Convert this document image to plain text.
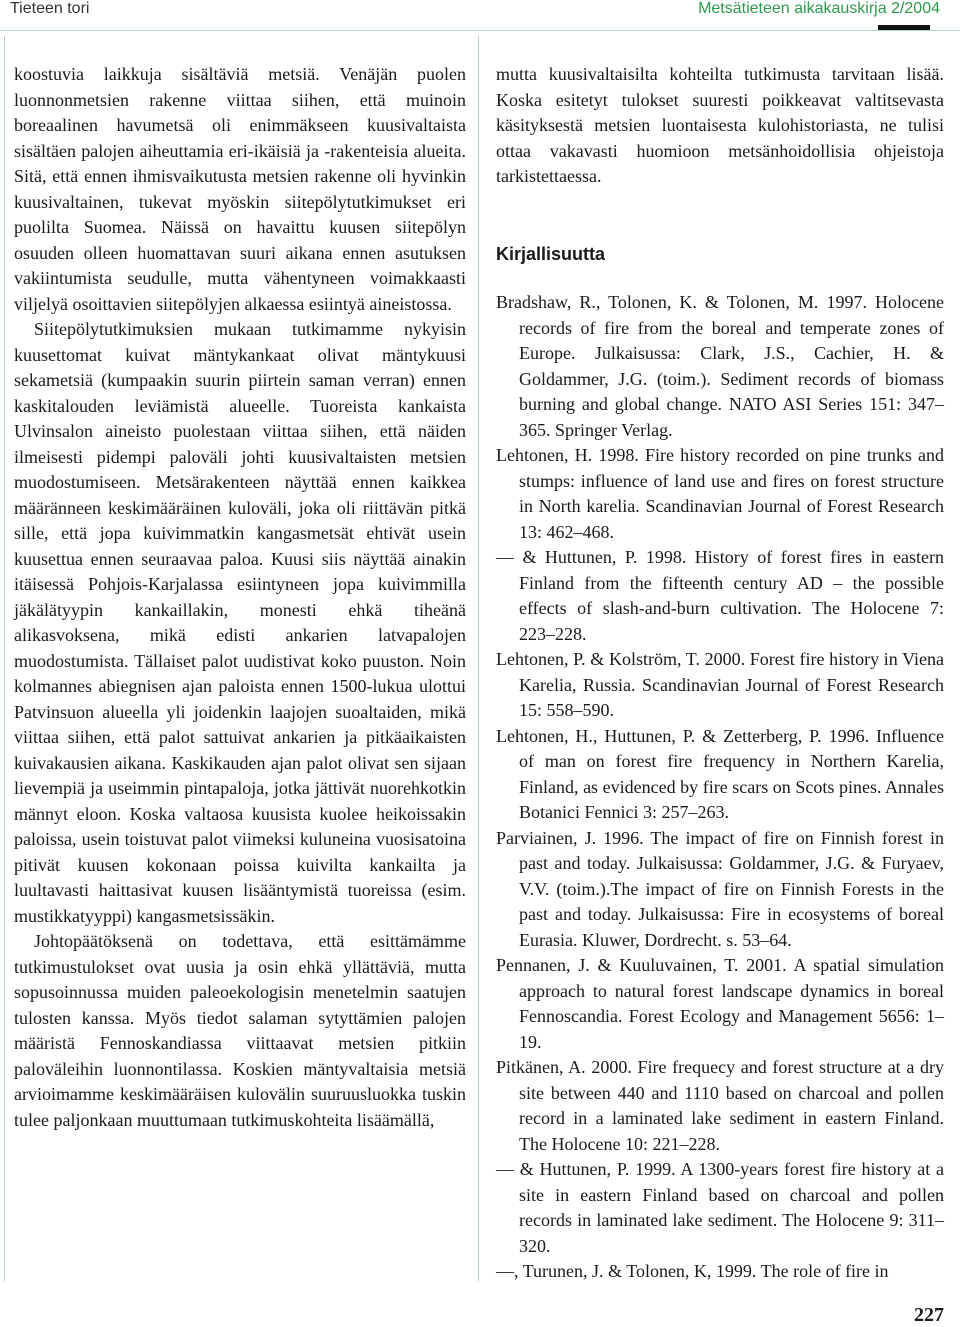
Tieteen tori	Metsätieteen aikakauskirja 2/2004

koostuvia laikkuja sisältäviä metsiä. Venäjän puolen luonnonmetsien rakenne viittaa siihen, että muinoin boreaalinen havumetsä oli enimmäkseen kuusivaltaista sisältäen palojen aiheuttamia eri-ikäisiä ja -rakenteisia alueita. Sitä, että ennen ihmisvaikutusta metsien rakenne oli hyvinkin kuusivaltainen, tukevat myöskin siitepölytutkimukset eri puolilta Suomea. Näissä on havaittu kuusen siitepölyn osuuden olleen huomattavan suuri aikana ennen asutuksen vakiintumista seudulle, mutta vähentyneen voimakkaasti viljelyä osoittavien siitepölyjen alkaessa esiintyä aineistossa.

Siitepölytutkimuksien mukaan tutkimamme nykyisin kuusettomat kuivat mäntykankaat olivat mäntykuusi sekametsiä (kumpaakin suurin piirtein saman verran) ennen kaskitalouden leviämistä alueelle. Tuoreista kankaista Ulvinsalon aineisto puolestaan viittaa siihen, että näiden ilmeisesti pidempi paloväli johti kuusivaltaisten metsien muodostumiseen. Metsärakenteen näyttää ennen kaikkea määränneen keskimääräinen kuloväli, joka oli riittävän pitkä sille, että jopa kuivimmatkin kangasmetsät ehtivät usein kuusettua ennen seuraavaa paloa. Kuusi siis näyttää ainakin itäisessä Pohjois-Karjalassa esiintyneen jopa kuivimmilla jäkälätyypin kankaillakin, monesti ehkä tiheänä alikasvoksena, mikä edisti ankarien latvapalojen muodostumista. Tällaiset palot uudistivat koko puuston. Noin kolmannes abiegnisen ajan paloista ennen 1500-lukua ulottui Patvinsuon alueella yli joidenkin laajojen suoaltaiden, mikä viittaa siihen, että palot sattuivat ankarien ja pitkäaikaisten kuivakausien aikana. Kaskikauden ajan palot olivat sen sijaan lievempiä ja useimmin pintapaloja, jotka jättivät nuorehkotkin männyt eloon. Koska valtaosa kuusista kuolee heikoissakin paloissa, usein toistuvat palot viimeksi kuluneina vuosisatoina pitivät kuusen kokonaan poissa kuivilta kankailta ja luultavasti haittasivat kuusen lisääntymistä tuoreissa (esim. mustikkatyyppi) kangasmetsissäkin.

Johtopäätöksenä on todettava, että esittämämme tutkimustulokset ovat uusia ja osin ehkä yllättäviä, mutta sopusoinnussa muiden paleoekologisin menetelmin saatujen tulosten kanssa. Myös tiedot salaman sytyttämien palojen määristä Fennoskandiassa viittaavat metsien pitkiin paloväleihin luonnontilassa. Koskien mäntyvaltaisia metsiä arvioimamme keskimääräisen kulovälin suuruusluokka tuskin tulee paljonkaan muuttumaan tutkimuskohteita lisäämällä,

mutta kuusivaltaisilta kohteilta tutkimusta tarvitaan lisää. Koska esitetyt tulokset suuresti poikkeavat valtitsevasta käsityksestä metsien luontaisesta kulohistoriasta, ne tulisi ottaa vakavasti huomioon metsänhoidollisia ohjeistoja tarkistettaessa.

Kirjallisuutta

Bradshaw, R., Tolonen, K. & Tolonen, M. 1997. Holocene records of fire from the boreal and temperate zones of Europe. Julkaisussa: Clark, J.S., Cachier, H. & Goldammer, J.G. (toim.). Sediment records of biomass burning and global change. NATO ASI Series 151: 347–365. Springer Verlag.

Lehtonen, H. 1998. Fire history recorded on pine trunks and stumps: influence of land use and fires on forest structure in North karelia. Scandinavian Journal of Forest Research 13: 462–468.

— & Huttunen, P. 1998. History of forest fires in eastern Finland from the fifteenth century AD – the possible effects of slash-and-burn cultivation. The Holocene 7: 223–228.

Lehtonen, P. & Kolström, T. 2000. Forest fire history in Viena Karelia, Russia. Scandinavian Journal of Forest Research 15: 558–590.

Lehtonen, H., Huttunen, P. & Zetterberg, P. 1996. Influence of man on forest fire frequency in Northern Karelia, Finland, as evidenced by fire scars on Scots pines. Annales Botanici Fennici 3: 257–263.

Parviainen, J. 1996. The impact of fire on Finnish forest in past and today. Julkaisussa: Goldammer, J.G. & Furyaev, V.V. (toim.).The impact of fire on Finnish Forests in the past and today. Julkaisussa: Fire in ecosystems of boreal Eurasia. Kluwer, Dordrecht. s. 53–64.

Pennanen, J. & Kuuluvainen, T. 2001. A spatial simulation approach to natural forest landscape dynamics in boreal Fennoscandia. Forest Ecology and Management 5656: 1–19.

Pitkänen, A. 2000. Fire frequecy and forest structure at a dry site between 440 and 1110 based on charcoal and pollen record in a laminated lake sediment in eastern Finland. The Holocene 10: 221–228.

— & Huttunen, P. 1999. A 1300-years forest fire history at a site in eastern Finland based on charcoal and pollen records in laminated lake sediment. The Holocene 9: 311–320.

—, Turunen, J. & Tolonen, K, 1999. The role of fire in

227
